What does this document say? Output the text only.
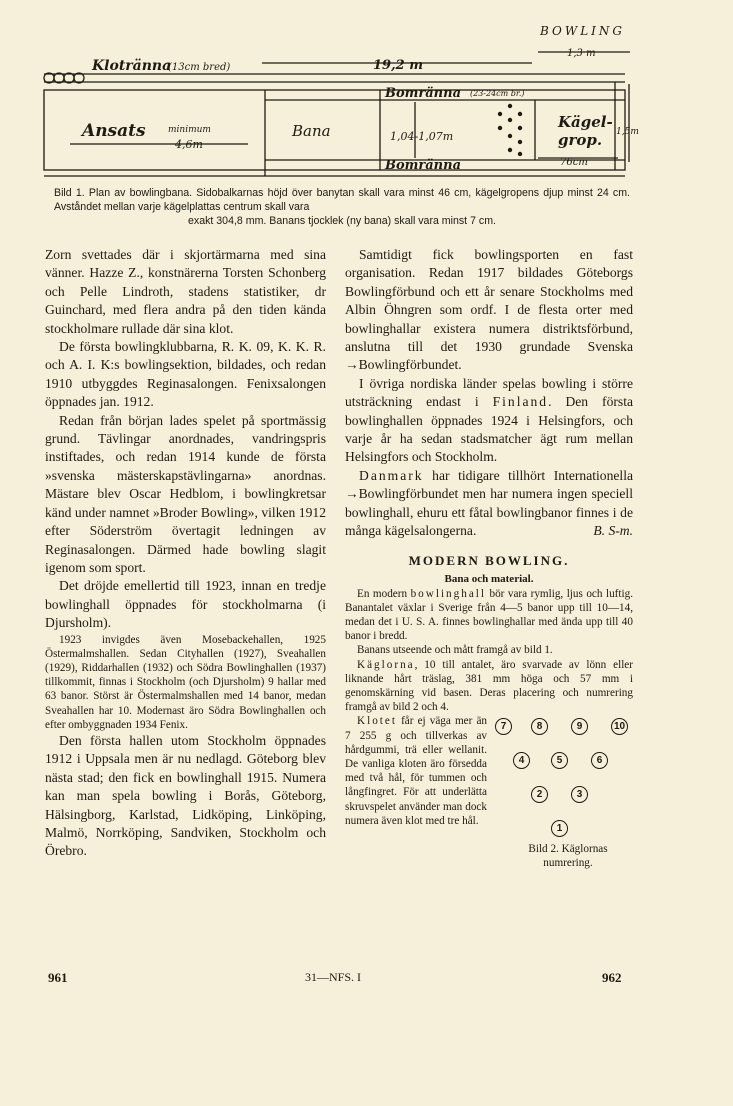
BOWLING
Klotränna
(13cm bred)	19,2 m
1,3 m
Bomränna (23-24cm br.)
Bomränna
Ansats minimum
4,6m
Bana	1,04-1,07m
Kägel-
grop. 1,5m
76cm
Bild 1. Plan av bowlingbana. Sidobalkarnas höjd över banytan skall vara minst 46 cm, kägelgropens djup minst 24 cm. Avståndet mellan varje kägelplattas centrum skall vara
exakt 304,8 mm. Banans tjocklek (ny bana) skall vara minst 7 cm.

Zorn svettades där i skjortärmarna med sina vänner. Hazze Z., konstnärerna Torsten Schonberg och Pelle Lindroth, stadens statistiker, dr Guinchard, med flera andra på den tiden kända stockholmare rullade där sina klot.

De första bowlingklubbarna, R. K. 09, K. K. R. och A. I. K:s bowlingsektion, bildades, och redan 1910 utbyggdes Reginasalongen. Fenixsalongen öppnades jan. 1912.

Redan från början lades spelet på sportmässig grund. Tävlingar anordnades, vandringspris instiftades, och redan 1914 kunde de första »svenska mästerskapstävlingarna» anordnas. Mästare blev Oscar Hedblom, i bowlingkretsar känd under namnet »Broder Bowling», vilken 1912 efter Söderström övertagit ledningen av Reginasalongen. Därmed hade bowling slagit igenom som sport.

Det dröjde emellertid till 1923, innan en tredje bowlinghall öppnades för stockholmarna (i Djursholm).

1923 invigdes även Mosebackehallen, 1925 Östermalmshallen. Sedan Cityhallen (1927), Sveahallen (1929), Riddarhallen (1932) och Södra Bowlinghallen (1937) tillkommit, finnas i Stockholm (och Djursholm) 9 hallar med 63 banor. Störst är Östermalmshallen med 14 banor, medan Sveahallen har 10. Modernast äro Södra Bowlinghallen och efter ombyggnaden 1934 Fenix.

Den första hallen utom Stockholm öppnades 1912 i Uppsala men är nu nedlagd. Göteborg blev nästa stad; den fick en bowlinghall 1915. Numera kan man spela bowling i Borås, Göteborg, Hälsingborg, Karlstad, Lidköping, Linköping, Malmö, Norrköping, Sandviken, Stockholm och Örebro.

Samtidigt fick bowlingsporten en fast organisation. Redan 1917 bildades Göteborgs Bowlingförbund och ett år senare Stockholms med Albin Öhngren som ordf. I de flesta orter med bowlinghallar existera numera distriktsförbund, anslutna till det 1930 grundade Svenska →Bowlingförbundet.

I övriga nordiska länder spelas bowling i större utsträckning endast i Finland. Den första bowlinghallen öppnades 1924 i Helsingfors, och varje år ha sedan stadsmatcher ägt rum mellan Helsingfors och Stockholm.

Danmark har tidigare tillhört Internationella →Bowlingförbundet men har numera ingen speciell bowlinghall, ehuru ett fåtal bowlingbanor finnes i de många kägelsalongerna.	B. S-m.

MODERN BOWLING.
Bana och material.

En modern bowlinghall bör vara rymlig, ljus och luftig. Banantalet växlar i Sverige från 4—5 banor upp till 10—14, medan det i U. S. A. finnes bowlinghallar med ända upp till 40 banor i bredd.

Banans utseende och mått framgå av bild 1.

Käglorna, 10 till antalet, äro svarvade av lönn eller liknande hårt träslag, 381 mm höga och 57 mm i genomskärning vid basen. Deras placering och numrering framgå av bild 2 och 4.

Klotet får ej väga mer än 7 255 g och tillverkas av hårdgummi, trä eller wellanit. De vanliga kloten äro försedda med två hål, för tummen och långfingret. För att underlätta skruvspelet använder man dock numera även klot med tre hål.

7	8	9	10
4	5	6
2	3
1
Bild 2. Käglornas numrering.
961	31—NFS. I	962
